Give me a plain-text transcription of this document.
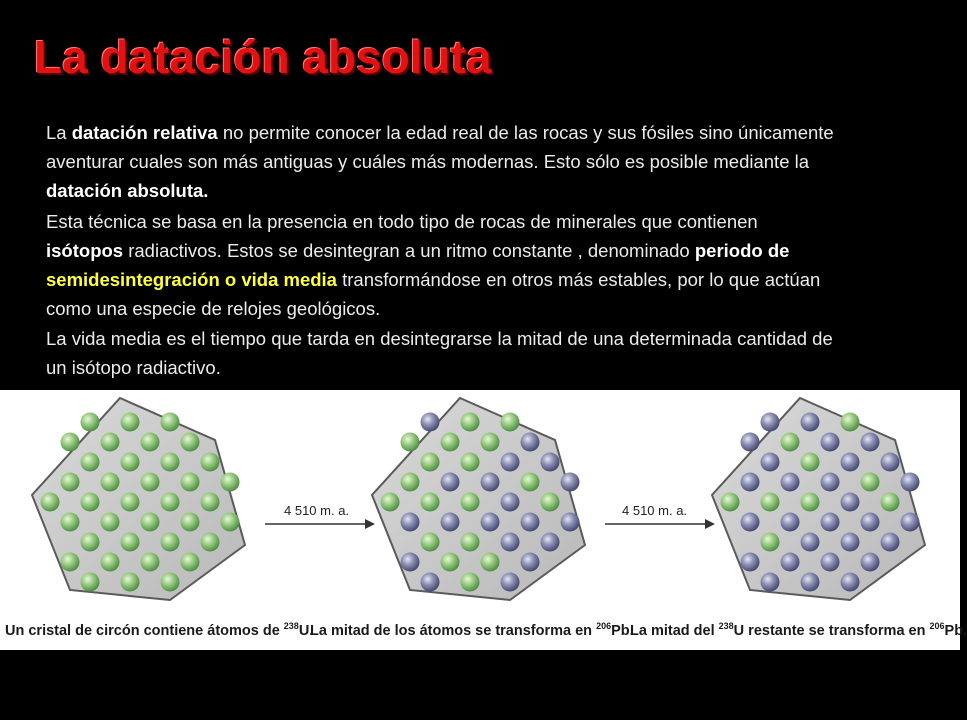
La datación absoluta

La datación relativa no permite conocer la edad real de las rocas y sus fósiles sino únicamente aventurar cuales son más antiguas y cuáles más modernas. Esto sólo es posible mediante la datación absoluta.

Esta técnica se basa en la presencia en todo tipo de rocas de minerales que contienen isótopos radiactivos. Estos se desintegran a un ritmo constante , denominado periodo de semidesintegración o vida media transformándose en otros más estables, por lo que actúan como una especie de relojes geológicos.

La vida media es el tiempo que tarda en desintegrarse la mitad de una determinada cantidad de un isótopo radiactivo.

4 510 m. a.	4 510 m. a.
Un cristal de circón contiene átomos de $^{238}$U.
La mitad de los átomos se transforma en $^{206}$Pb.
La mitad del $^{238}$U restante se transforma en $^{206}$Pb.
